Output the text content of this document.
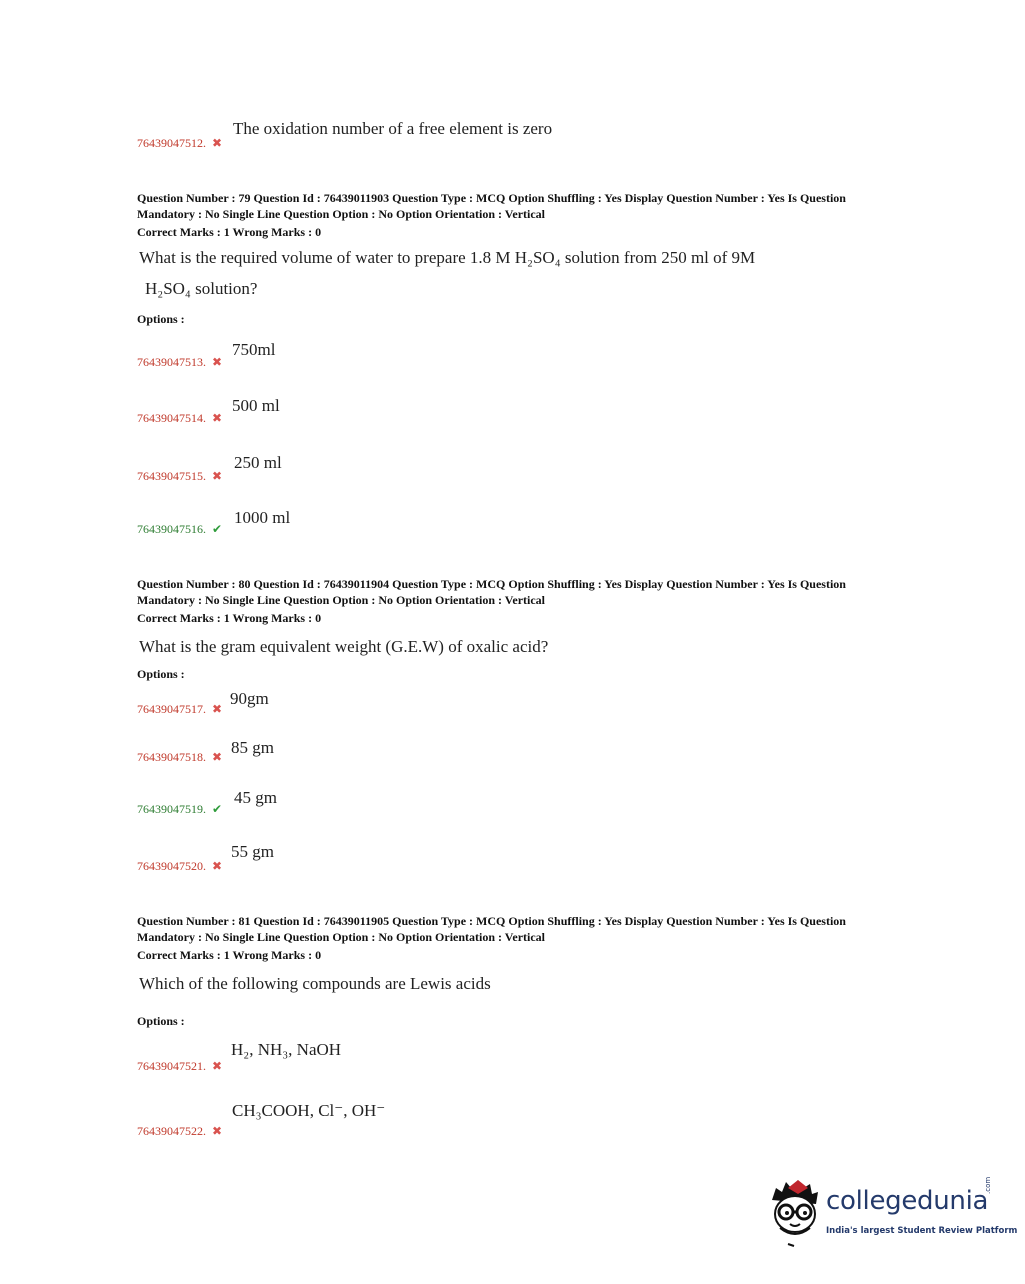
The oxidation number of a free element is zero
76439047512. ✖
Question Number : 79 Question Id : 76439011903 Question Type : MCQ Option Shuffling : Yes Display Question Number : Yes Is Question
Mandatory : No Single Line Question Option : No Option Orientation : Vertical
Correct Marks : 1 Wrong Marks : 0
What is the required volume of water to prepare 1.8 M H₂SO₄ solution from 250 ml of 9M
H₂SO₄ solution?
Options :
750ml
76439047513. ✖
500 ml
76439047514. ✖
250 ml
76439047515. ✖
1000 ml
76439047516. ✔
Question Number : 80 Question Id : 76439011904 Question Type : MCQ Option Shuffling : Yes Display Question Number : Yes Is Question
Mandatory : No Single Line Question Option : No Option Orientation : Vertical
Correct Marks : 1 Wrong Marks : 0
What is the gram equivalent weight (G.E.W) of oxalic acid?
Options :
90gm
76439047517. ✖
85 gm
76439047518. ✖
45 gm
76439047519. ✔
55 gm
76439047520. ✖
Question Number : 81 Question Id : 76439011905 Question Type : MCQ Option Shuffling : Yes Display Question Number : Yes Is Question
Mandatory : No Single Line Question Option : No Option Orientation : Vertical
Correct Marks : 1 Wrong Marks : 0
Which of the following compounds are Lewis acids
Options :
H₂, NH₃, NaOH
76439047521. ✖
CH₃COOH, Cl⁻, OH⁻
76439047522. ✖
collegedunia
.com
India's largest Student Review Platform
